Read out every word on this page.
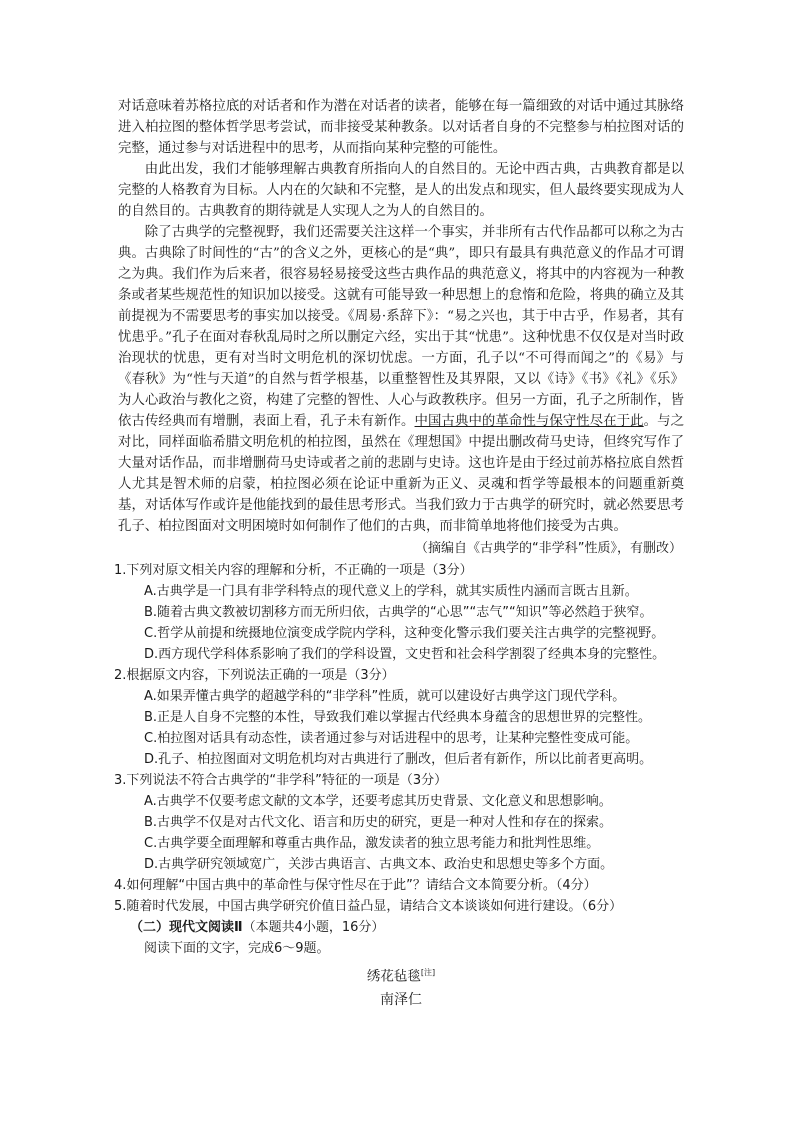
对话意味着苏格拉底的对话者和作为潜在对话者的读者，能够在每一篇细致的对话中通过其脉络进入柏拉图的整体哲学思考尝试，而非接受某种教条。以对话者自身的不完整参与柏拉图对话的完整，通过参与对话进程中的思考，从而指向某种完整的可能性。

由此出发，我们才能够理解古典教育所指向人的自然目的。无论中西古典，古典教育都是以完整的人格教育为目标。人内在的欠缺和不完整，是人的出发点和现实，但人最终要实现成为人的自然目的。古典教育的期待就是人实现人之为人的自然目的。

除了古典学的完整视野，我们还需要关注这样一个事实，并非所有古代作品都可以称之为古典。古典除了时间性的“古”的含义之外，更核心的是“典”，即只有最具有典范意义的作品才可谓之为典。我们作为后来者，很容易轻易接受这些古典作品的典范意义，将其中的内容视为一种教条或者某些规范性的知识加以接受。这就有可能导致一种思想上的怠惰和危险，将典的确立及其前提视为不需要思考的事实加以接受。《周易·系辞下》：“易之兴也，其于中古乎，作易者，其有忧患乎。”孔子在面对春秋乱局时之所以删定六经，实出于其“忧患”。这种忧患不仅仅是对当时政治现状的忧患，更有对当时文明危机的深切忧虑。一方面，孔子以“不可得而闻之”的《易》与《春秋》为“性与天道”的自然与哲学根基，以重整智性及其界限，又以《诗》《书》《礼》《乐》为人心政治与教化之资，构建了完整的智性、人心与政教秩序。但另一方面，孔子之所制作，皆依古传经典而有增删，表面上看，孔子未有新作。中国古典中的革命性与保守性尽在于此。与之对比，同样面临希腊文明危机的柏拉图，虽然在《理想国》中提出删改荷马史诗，但终究写作了大量对话作品，而非增删荷马史诗或者之前的悲剧与史诗。这也许是由于经过前苏格拉底自然哲人尤其是智术师的启蒙，柏拉图必须在论证中重新为正义、灵魂和哲学等最根本的问题重新奠基，对话体写作或许是他能找到的最佳思考形式。当我们致力于古典学的研究时，就必然要思考孔子、柏拉图面对文明困境时如何制作了他们的古典，而非简单地将他们接受为古典。

（摘编自《古典学的“非学科”性质》，有删改）

1.下列对原文相关内容的理解和分析，不正确的一项是（3分）
A.古典学是一门具有非学科特点的现代意义上的学科，就其实质性内涵而言既古且新。
B.随着古典文教被切割移方而无所归依，古典学的“心思”“志气”“知识”等必然趋于狭窄。
C.哲学从前提和统摄地位演变成学院内学科，这种变化警示我们要关注古典学的完整视野。
D.西方现代学科体系影响了我们的学科设置，文史哲和社会科学割裂了经典本身的完整性。
2.根据原文内容，下列说法正确的一项是（3分）
A.如果弄懂古典学的超越学科的“非学科”性质，就可以建设好古典学这门现代学科。
B.正是人自身不完整的本性，导致我们难以掌握古代经典本身蕴含的思想世界的完整性。
C.柏拉图对话具有动态性，读者通过参与对话进程中的思考，让某种完整性变成可能。
D.孔子、柏拉图面对文明危机均对古典进行了删改，但后者有新作，所以比前者更高明。
3.下列说法不符合古典学的“非学科”特征的一项是（3分）
A.古典学不仅要考虑文献的文本学，还要考虑其历史背景、文化意义和思想影响。
B.古典学不仅是对古代文化、语言和历史的研究，更是一种对人性和存在的探索。
C.古典学要全面理解和尊重古典作品，激发读者的独立思考能力和批判性思维。
D.古典学研究领域宽广，关涉古典语言、古典文本、政治史和思想史等多个方面。
4.如何理解“中国古典中的革命性与保守性尽在于此”？请结合文本简要分析。（4分）
5.随着时代发展，中国古典学研究价值日益凸显，请结合文本谈谈如何进行建设。（6分）
（二）现代文阅读Ⅱ（本题共4小题，16分）
阅读下面的文字，完成6～9题。
绣花毡毯[注]
南泽仁
